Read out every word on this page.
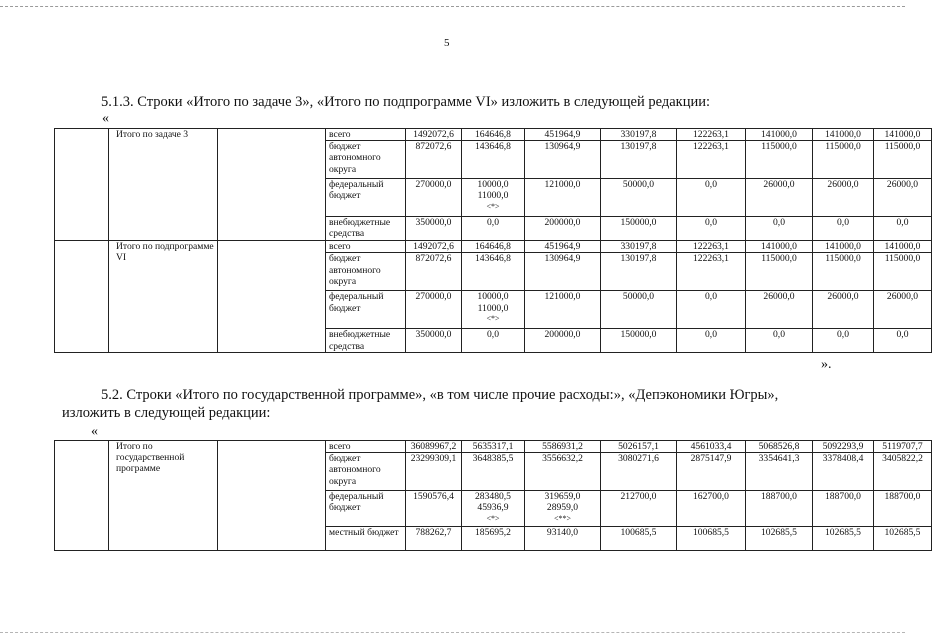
5
5.1.3. Строки «Итого по задаче 3», «Итого по подпрограмме VI» изложить в следующей редакции:
«
	Итого по задаче 3		всего	1492072,6	164646,8	451964,9	330197,8	122263,1	141000,0	141000,0	141000,0
			бюджет автономного округа	872072,6	143646,8	130964,9	130197,8	122263,1	115000,0	115000,0	115000,0
			федеральный бюджет	270000,0	10000,0
11000,0
<*>	121000,0	50000,0	0,0	26000,0	26000,0	26000,0
			внебюджетные средства	350000,0	0,0	200000,0	150000,0	0,0	0,0	0,0	0,0
	Итого по подпрограмме VI		всего	1492072,6	164646,8	451964,9	330197,8	122263,1	141000,0	141000,0	141000,0
			бюджет автономного округа	872072,6	143646,8	130964,9	130197,8	122263,1	115000,0	115000,0	115000,0
			федеральный бюджет	270000,0	10000,0
11000,0
<*>	121000,0	50000,0	0,0	26000,0	26000,0	26000,0
			внебюджетные средства	350000,0	0,0	200000,0	150000,0	0,0	0,0	0,0	0,0
».
5.2. Строки «Итого по государственной программе», «в том числе прочие расходы:», «Депэкономики Югры»,
изложить в следующей редакции:
«
	Итого по государственной программе		всего	36089967,2	5635317,1	5586931,2	5026157,1	4561033,4	5068526,8	5092293,9	5119707,7
			бюджет автономного округа	23299309,1	3648385,5	3556632,2	3080271,6	2875147,9	3354641,3	3378408,4	3405822,2
			федеральный бюджет	1590576,4	283480,5
45936,9
<*>	319659,0
28959,0
<**>	212700,0	162700,0	188700,0	188700,0	188700,0
			местный бюджет	788262,7	185695,2	93140,0	100685,5	100685,5	102685,5	102685,5	102685,5
